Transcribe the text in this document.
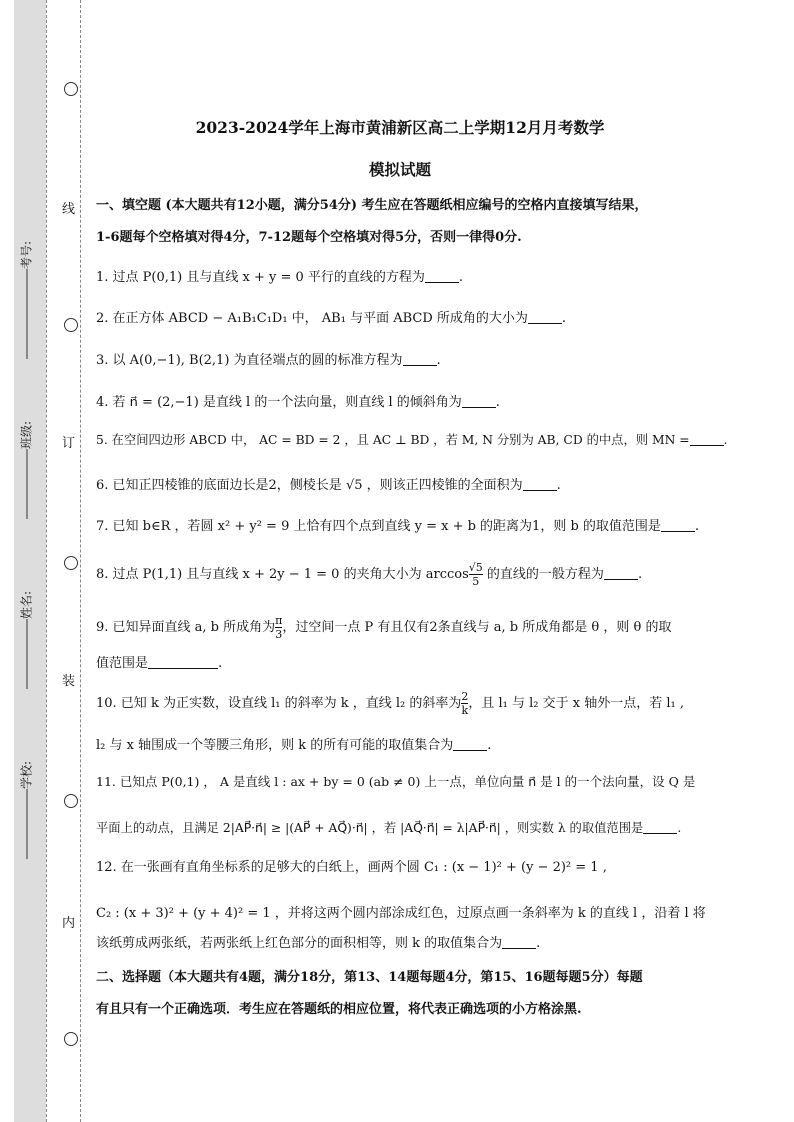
线
订
装
内
考号:
班级:
姓名:
学校:
2023-2024学年上海市黄浦新区高二上学期12月月考数学
模拟试题
一、填空题 (本大题共有12小题，满分54分) 考生应在答题纸相应编号的空格内直接填写结果，
1-6题每个空格填对得4分，7-12题每个空格填对得5分，否则一律得0分.
1. 过点 P(0,1) 且与直线 x + y = 0 平行的直线的方程为	.
2. 在正方体 ABCD − A₁B₁C₁D₁ 中， AB₁ 与平面 ABCD 所成角的大小为	.
3. 以 A(0,−1), B(2,1) 为直径端点的圆的标准方程为	.
4. 若 n⃗ = (2,−1) 是直线 l 的一个法向量，则直线 l 的倾斜角为	.
5. 在空间四边形 ABCD 中， AC = BD = 2 ，且 AC ⊥ BD ，若 M, N 分别为 AB, CD 的中点，则 MN =	.
6. 已知正四棱锥的底面边长是2，侧棱长是 √5 ，则该正四棱锥的全面积为	.
7. 已知 b∈R ，若圆 x² + y² = 9 上恰有四个点到直线 y = x + b 的距离为1，则 b 的取值范围是	.
8. 过点 P(1,1) 且与直线 x + 2y − 1 = 0 的夹角大小为 $\arccos \frac{√5}{5}$ 的直线的一般方程为	.
9. 已知异面直线 a, b 所成角为 $\frac{\pi}{3}$ ，过空间一点 P 有且仅有2条直线与 a, b 所成角都是 θ ，则 θ 的取
值范围是	.
10. 已知 k 为正实数，设直线 l₁ 的斜率为 k ，直线 l₂ 的斜率为 $\frac{2}{k}$ ，且 l₁ 与 l₂ 交于 x 轴外一点，若 l₁ ,
l₂ 与 x 轴围成一个等腰三角形，则 k 的所有可能的取值集合为	.
11. 已知点 P(0,1) ， A 是直线 l : ax + by = 0 (ab ≠ 0) 上一点，单位向量 n⃗ 是 l 的一个法向量，设 Q 是
平面上的动点，且满足 2|AP⃗·n⃗| ≥ |(AP⃗ + AQ⃗)·n⃗| ，若 |AQ⃗·n⃗| = λ|AP⃗·n⃗| ，则实数 λ 的取值范围是	.
12. 在一张画有直角坐标系的足够大的白纸上，画两个圆 C₁ : (x − 1)² + (y − 2)² = 1 ,
C₂ : (x + 3)² + (y + 4)² = 1 ，并将这两个圆内部涂成红色，过原点画一条斜率为 k 的直线 l ，沿着 l 将
该纸剪成两张纸，若两张纸上红色部分的面积相等，则 k 的取值集合为	.
二、选择题（本大题共有4题，满分18分，第13、14题每题4分，第15、16题每题5分）每题
有且只有一个正确选项．考生应在答题纸的相应位置，将代表正确选项的小方格涂黑.
